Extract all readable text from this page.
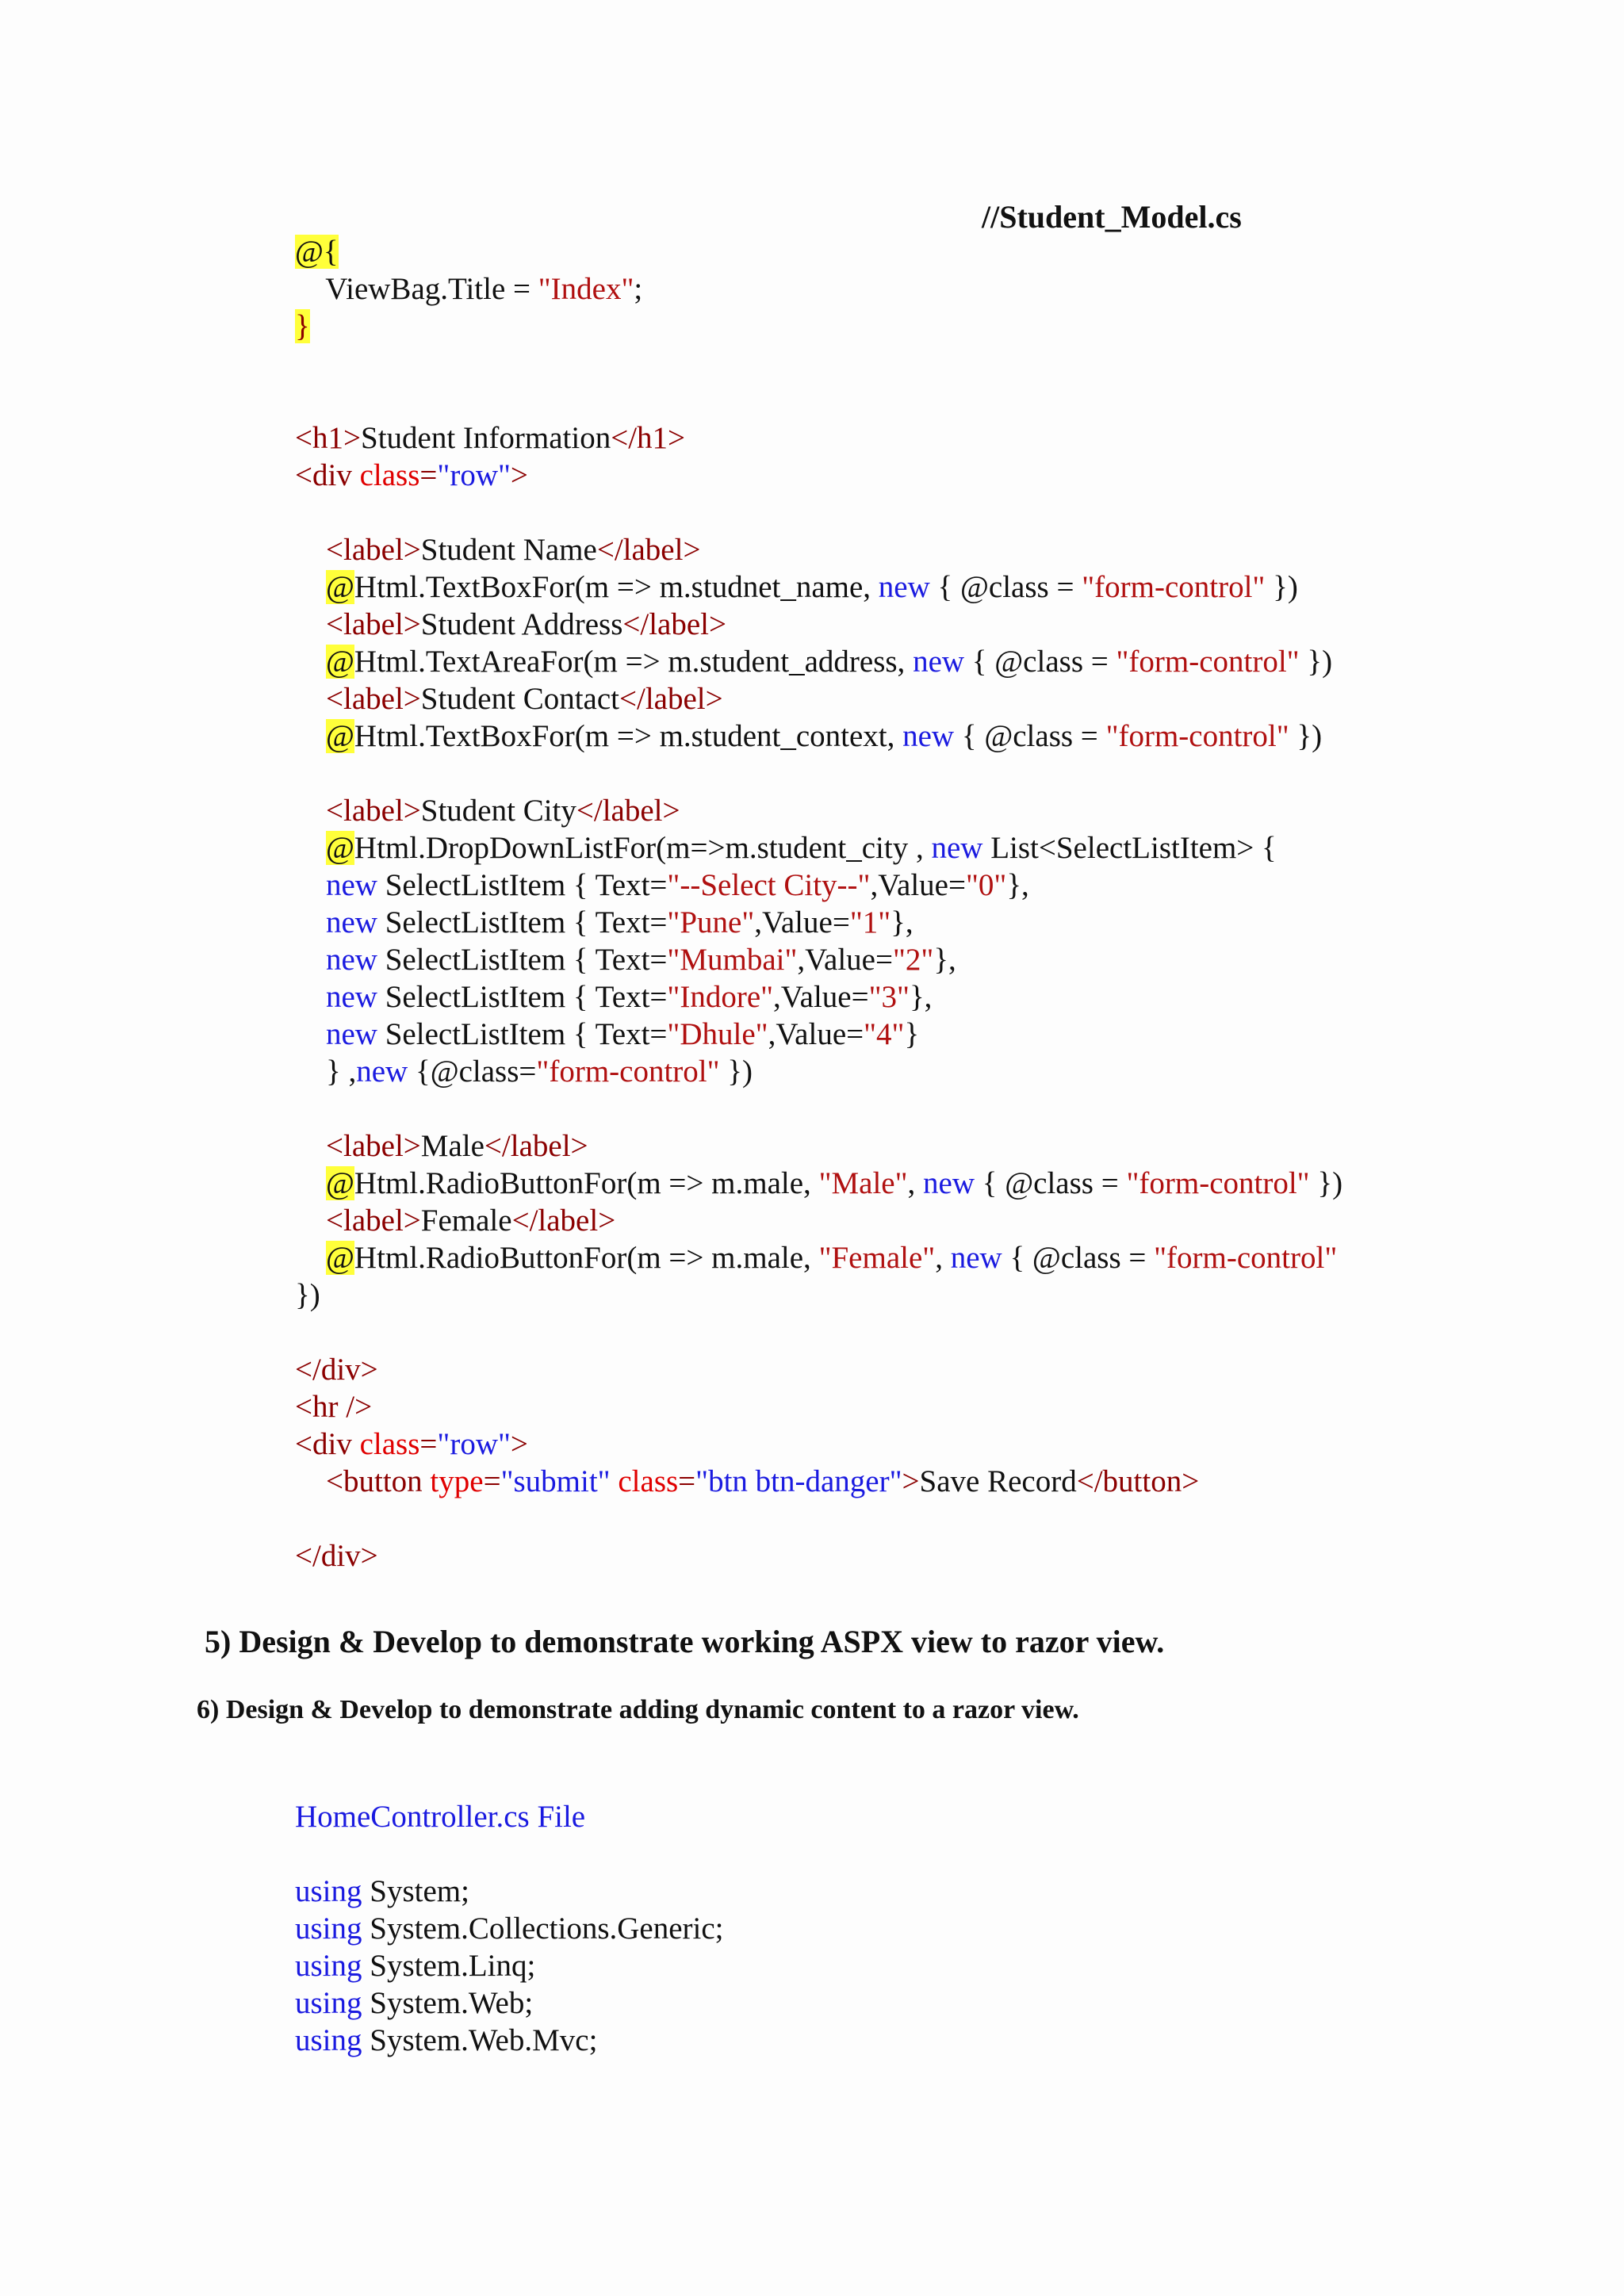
//Student_Model.cs
@{
ViewBag.Title = "Index";
}

<h1>Student Information</h1>
<div class="row">

<label>Student Name</label>
@Html.TextBoxFor(m => m.studnet_name, new { @class = "form-control" })
<label>Student Address</label>
@Html.TextAreaFor(m => m.student_address, new { @class = "form-control" })
<label>Student Contact</label>
@Html.TextBoxFor(m => m.student_context, new { @class = "form-control" })

<label>Student City</label>
@Html.DropDownListFor(m=>m.student_city , new List<SelectListItem> {
new SelectListItem { Text="--Select City--",Value="0"},
new SelectListItem { Text="Pune",Value="1"},
new SelectListItem { Text="Mumbai",Value="2"},
new SelectListItem { Text="Indore",Value="3"},
new SelectListItem { Text="Dhule",Value="4"}
} ,new {@class="form-control" })

<label>Male</label>
@Html.RadioButtonFor(m => m.male, "Male", new { @class = "form-control" })
<label>Female</label>
@Html.RadioButtonFor(m => m.male, "Female", new { @class = "form-control"
})

</div>
<hr />
<div class="row">
<button type="submit" class="btn btn-danger">Save Record</button>

</div>
5) Design & Develop to demonstrate working ASPX view to razor view.
6) Design & Develop to demonstrate adding dynamic content to a razor view.
HomeController.cs File
using System;
using System.Collections.Generic;
using System.Linq;
using System.Web;
using System.Web.Mvc;
